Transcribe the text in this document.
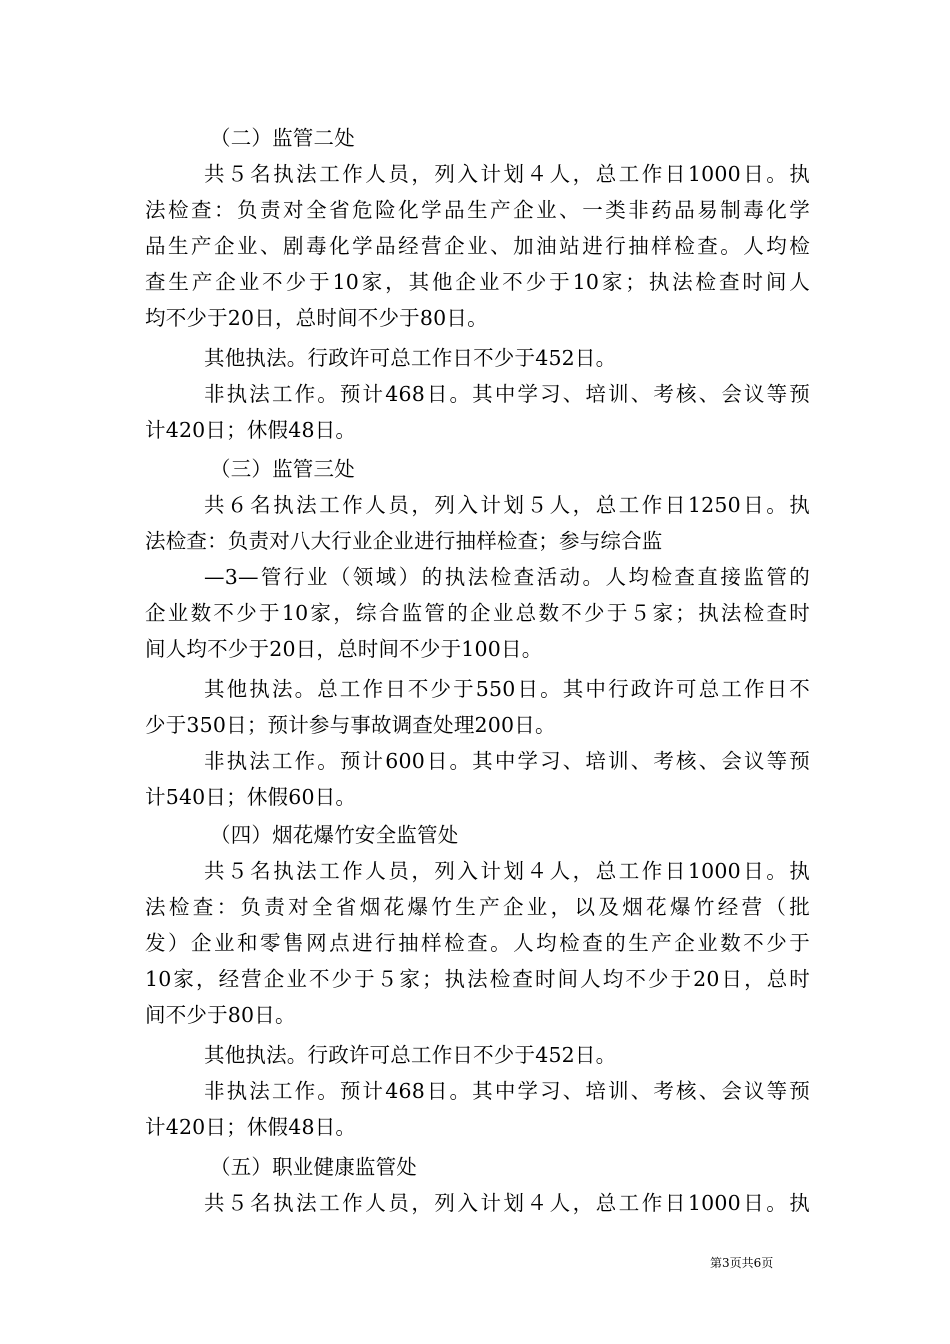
（二）监管二处
共５名执法工作人员，列入计划４人，总工作日1000日。执
法检查：负责对全省危险化学品生产企业、一类非药品易制毒化学
品生产企业、剧毒化学品经营企业、加油站进行抽样检查。人均检
查生产企业不少于10家，其他企业不少于10家；执法检查时间人
均不少于20日，总时间不少于80日。
其他执法。行政许可总工作日不少于452日。
非执法工作。预计468日。其中学习、培训、考核、会议等预
计420日；休假48日。
（三）监管三处
共６名执法工作人员，列入计划５人，总工作日1250日。执
法检查：负责对八大行业企业进行抽样检查；参与综合监
—3—管行业（领域）的执法检查活动。人均检查直接监管的
企业数不少于10家，综合监管的企业总数不少于５家；执法检查时
间人均不少于20日，总时间不少于100日。
其他执法。总工作日不少于550日。其中行政许可总工作日不
少于350日；预计参与事故调查处理200日。
非执法工作。预计600日。其中学习、培训、考核、会议等预
计540日；休假60日。
（四）烟花爆竹安全监管处
共５名执法工作人员，列入计划４人，总工作日1000日。执
法检查：负责对全省烟花爆竹生产企业，以及烟花爆竹经营（批
发）企业和零售网点进行抽样检查。人均检查的生产企业数不少于
10家，经营企业不少于５家；执法检查时间人均不少于20日，总时
间不少于80日。
其他执法。行政许可总工作日不少于452日。
非执法工作。预计468日。其中学习、培训、考核、会议等预
计420日；休假48日。
（五）职业健康监管处
共５名执法工作人员，列入计划４人，总工作日1000日。执
第3页共6页
